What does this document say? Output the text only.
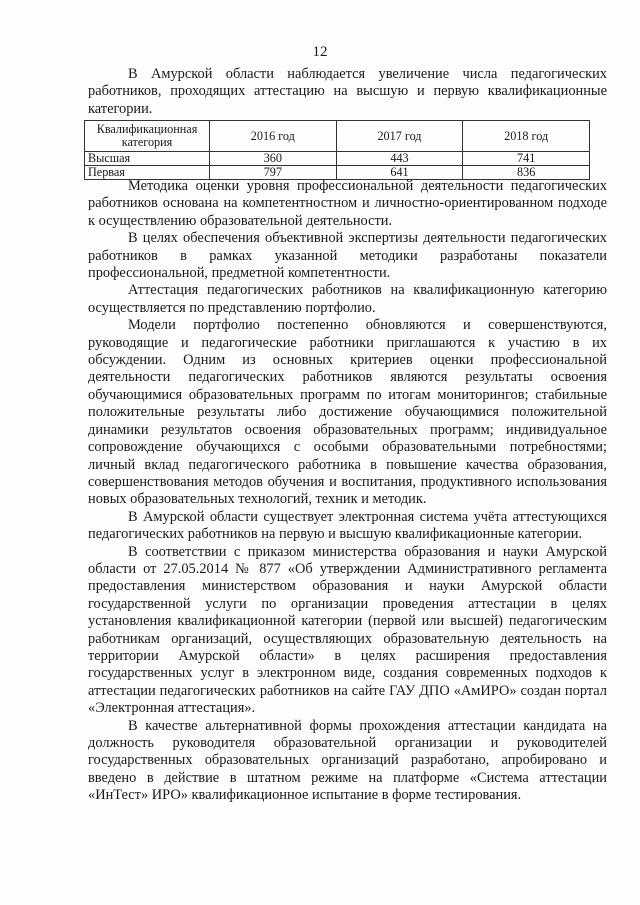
12

В Амурской области наблюдается увеличение числа педагогических работников, проходящих аттестацию на высшую и первую квалификационные категории.

Квалификационная категория	2016 год	2017 год	2018 год
Высшая	360	443	741
Первая	797	641	836

Методика оценки уровня профессиональной деятельности педагогических работников основана на компетентностном и личностно-ориентированном подходе к осуществлению образовательной деятельности.

В целях обеспечения объективной экспертизы деятельности педагогических работников в рамках указанной методики разработаны показатели профессиональной, предметной компетентности.

Аттестация педагогических работников на квалификационную категорию осуществляется по представлению портфолио.

Модели портфолио постепенно обновляются и совершенствуются, руководящие и педагогические работники приглашаются к участию в их обсуждении. Одним из основных критериев оценки профессиональной деятельности педагогических работников являются результаты освоения обучающимися образовательных программ по итогам мониторингов; стабильные положительные результаты либо достижение обучающимися положительной динамики результатов освоения образовательных программ; индивидуальное сопровождение обучающихся с особыми образовательными потребностями; личный вклад педагогического работника в повышение качества образования, совершенствования методов обучения и воспитания, продуктивного использования новых образовательных технологий, техник и методик.

В Амурской области существует электронная система учёта аттестующихся педагогических работников на первую и высшую квалификационные категории.

В соответствии с приказом министерства образования и науки Амурской области от 27.05.2014 № 877 «Об утверждении Административного регламента предоставления министерством образования и науки Амурской области государственной услуги по организации проведения аттестации в целях установления квалификационной категории (первой или высшей) педагогическим работникам организаций, осуществляющих образовательную деятельность на территории Амурской области» в целях расширения предоставления государственных услуг в электронном виде, создания современных подходов к аттестации педагогических работников на сайте ГАУ ДПО «АмИРО» создан портал «Электронная аттестация».

В качестве альтернативной формы прохождения аттестации кандидата на должность руководителя образовательной организации и руководителей государственных образовательных организаций разработано, апробировано и введено в действие в штатном режиме на платформе «Система аттестации «ИнТест» ИРО» квалификационное испытание в форме тестирования.
